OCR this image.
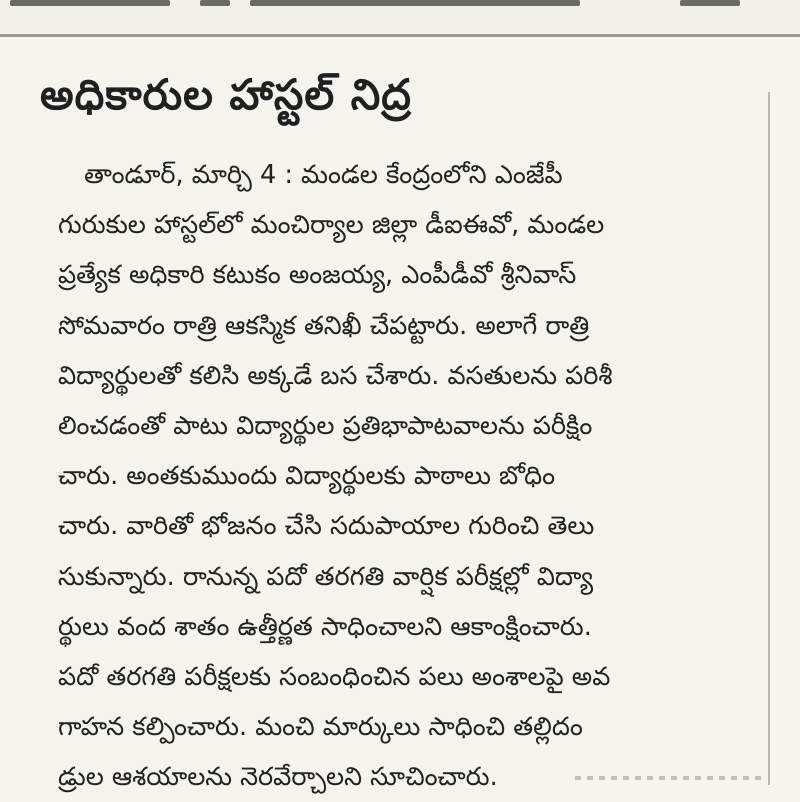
అధికారుల హాస్టల్ నిద్ర
తాండూర్, మార్చి 4 : మండల కేంద్రంలోని ఎంజేపీ
గురుకుల హాస్టల్‌లో మంచిర్యాల జిల్లా డీఐఈవో, మండల
ప్రత్యేక అధికారి కటుకం అంజయ్య, ఎంపీడీవో శ్రీనివాస్
సోమవారం రాత్రి ఆకస్మిక తనిఖీ చేపట్టారు. అలాగే రాత్రి
విద్యార్థులతో కలిసి అక్కడే బస చేశారు. వసతులను పరిశీ
లించడంతో పాటు విద్యార్థుల ప్రతిభాపాటవాలను పరీక్షిం
చారు. అంతకుముందు విద్యార్థులకు పాఠాలు బోధిం
చారు. వారితో భోజనం చేసి సదుపాయాల గురించి తెలు
సుకున్నారు. రానున్న పదో తరగతి వార్షిక పరీక్షల్లో విద్యా
ర్థులు వంద శాతం ఉత్తీర్ణత సాధించాలని ఆకాంక్షించారు.
పదో తరగతి పరీక్షలకు సంబంధించిన పలు అంశాలపై అవ
గాహన కల్పించారు. మంచి మార్కులు సాధించి తల్లిదం
డ్రుల ఆశయాలను నెరవేర్చాలని సూచించారు.
